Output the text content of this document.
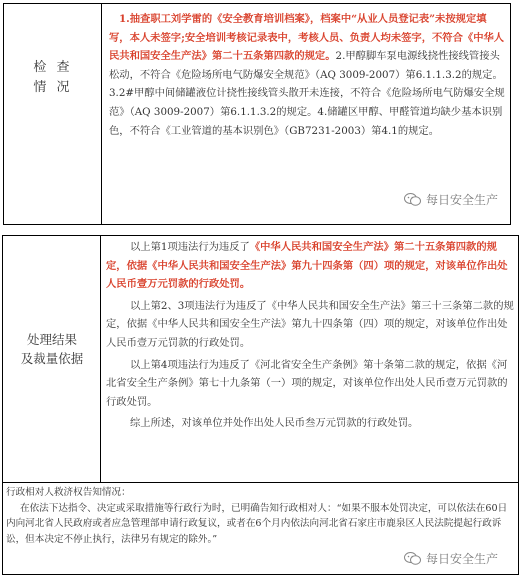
检 查
情 况
1.抽查职工刘学雷的《安全教育培训档案》，档案中“从业人员登记表”未按规定填写，本人未签字;安全培训考核记录表中，考核人员、负责人均未签字，不符合《中华人民共和国安全生产法》第二十五条第四款的规定。2.甲醇脚车泵电源线挠性接线管接头松动，不符合《危险场所电气防爆安全规范》（AQ 3009-2007）第6.1.1.3.2的规定。3.2#甲醇中间储罐液位计挠性接线管头散开未连接，不符合《危险场所电气防爆安全规范》（AQ 3009-2007）第6.1.1.3.2的规定。4.储罐区甲醇、甲醛管道均缺少基本识别色，不符合《工业管道的基本识别色》（GB7231-2003）第4.1的规定。
每日安全生产
处理结果
及裁量依据

以上第1项违法行为违反了《中华人民共和国安全生产法》第二十五条第四款的规定，依据《中华人民共和国安全生产法》第九十四条第（四）项的规定，对该单位作出处人民币壹万元罚款的行政处罚。

以上第2、3项违法行为违反了《中华人民共和国安全生产法》第三十三条第二款的规定，依据《中华人民共和国安全生产法》第九十四条第（四）项的规定，对该单位作出处人民币壹万元罚款的行政处罚。

以上第4项违法行为违反了《河北省安全生产条例》第十条第二款的规定，依据《河北省安全生产条例》第七十九条第（一）项的规定，对该单位作出处人民币壹万元罚款的行政处罚。

综上所述，对该单位并处作出处人民币叁万元罚款的行政处罚。

行政相对人救济权告知情况：

在依法下达指令、决定或采取措施等行政行为时，已明确告知行政相对人：“如果不服本处罚决定，可以依法在60日内向河北省人民政府或者应急管理部申请行政复议，或者在6个月内依法向河北省石家庄市鹿泉区人民法院提起行政诉讼，但本决定不停止执行，法律另有规定的除外。”

每日安全生产
